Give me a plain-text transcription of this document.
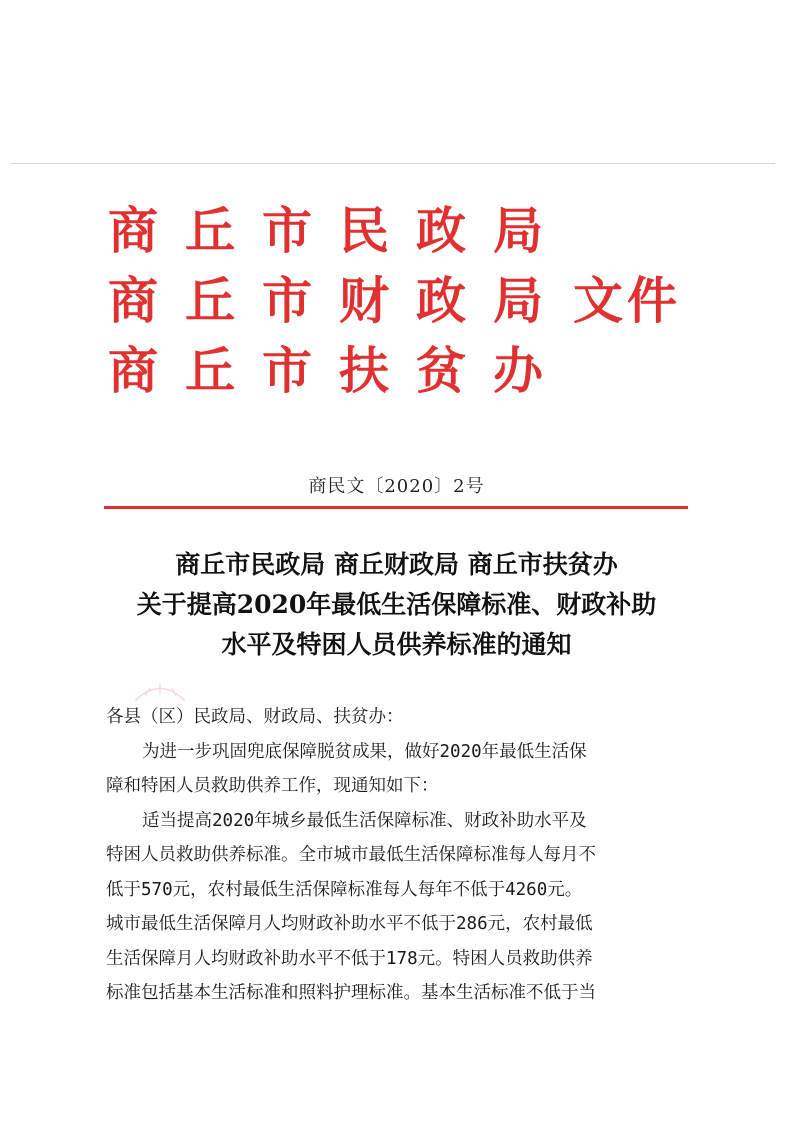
商丘市民政局
商丘市财政局
商丘市扶贫办
文件
商民文〔2020〕2号
商丘市民政局 商丘财政局 商丘市扶贫办
关于提高2020年最低生活保障标准、财政补助
水平及特困人员供养标准的通知
各县（区）民政局、财政局、扶贫办：
为进一步巩固兜底保障脱贫成果，做好2020年最低生活保
障和特困人员救助供养工作，现通知如下：
适当提高2020年城乡最低生活保障标准、财政补助水平及
特困人员救助供养标准。全市城市最低生活保障标准每人每月不
低于570元，农村最低生活保障标准每人每年不低于4260元。
城市最低生活保障月人均财政补助水平不低于286元，农村最低
生活保障月人均财政补助水平不低于178元。特困人员救助供养
标准包括基本生活标准和照料护理标准。基本生活标准不低于当
